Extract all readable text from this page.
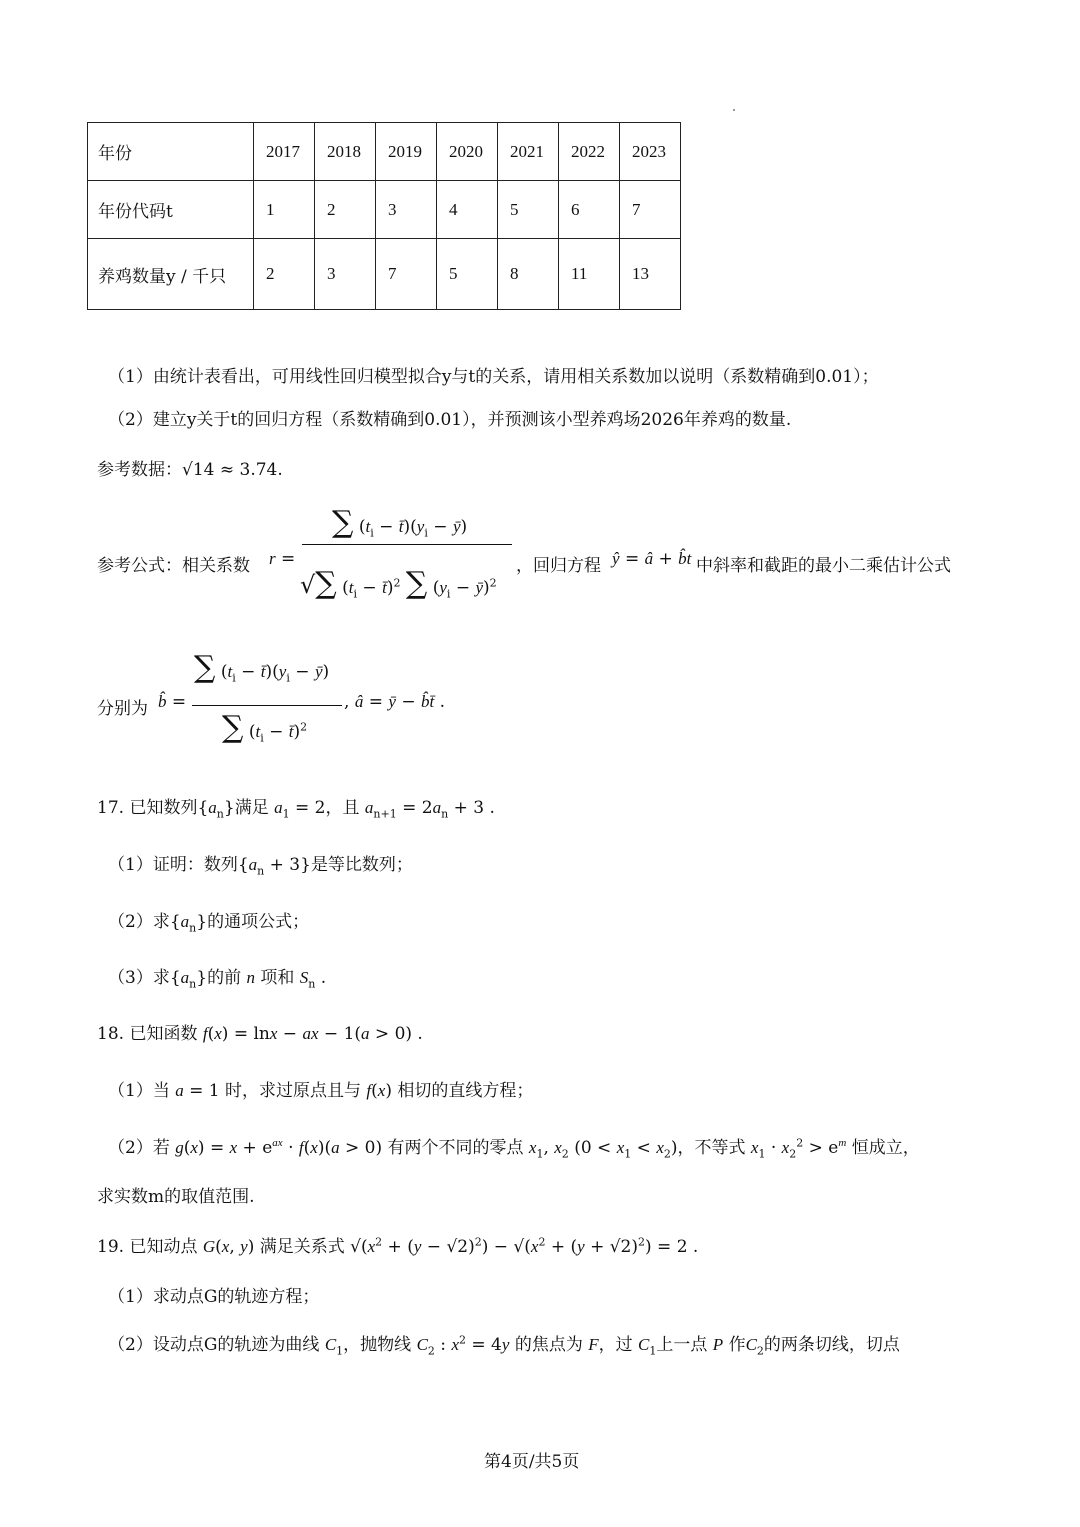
年份	2017	2018	2019	2020	2021	2022	2023
年份代码t	1	2	3	4	5	6	7
养鸡数量y / 千只	2	3	7	5	8	11	13
（1）由统计表看出，可用线性回归模型拟合y与t的关系，请用相关系数加以说明（系数精确到0.01）；
（2）建立y关于t的回归方程（系数精确到0.01），并预测该小型养鸡场2026年养鸡的数量.
参考数据：√14 ≈ 3.74.
参考公式：相关系数 r =
∑ ($t_i$ − $t̄)(y_i$ − ȳ)
√∑ ($t_i$ − t̄)$^2$ ∑ ($y_i$ − ȳ)$^2$
，回归方程 ŷ = â + b̂t 中斜率和截距的最小二乘估计公式
分别为 b̂ =
∑ ($t_i$ − $t̄)(y_i$ − ȳ)
∑ ($t_i$ − t̄)$^2$
, â = ȳ − b̂t̄ .
17. 已知数列$\{a_n\}$满足 $a_1 = 2$，且 $a_{n+1} = 2a_n + 3$ .
（1）证明：数列$\{a_n + 3\}$是等比数列；
（2）求$\{a_n\}$的通项公式；
（3）求$\{a_n\}$的前 n 项和 $S_n$ .
18. 已知函数 f(x) = lnx − ax − 1(a > 0) .
（1）当 a = 1 时，求过原点且与 f(x) 相切的直线方程；
（2）若 $g(x) = x + e^{ax} \cdot f(x)(a > 0)$ 有两个不同的零点 $x_1$, $x_2$ $(0 < x_1 < x_2)$，不等式 $x_1 \cdot x_2^2 > e^m$ 恒成立，
求实数m的取值范围.
19. 已知动点 G(x, y) 满足关系式 $√(x^2 + (y - √2)^2) - √(x^2 + (y + √2)^2) = 2$ .
（1）求动点G的轨迹方程；
（2）设动点G的轨迹为曲线 $C_1$，抛物线 $C_2$ : $x^2 = 4y$ 的焦点为 F，过 $C_1$上一点 P 作$C_2$的两条切线，切点
第4页/共5页
